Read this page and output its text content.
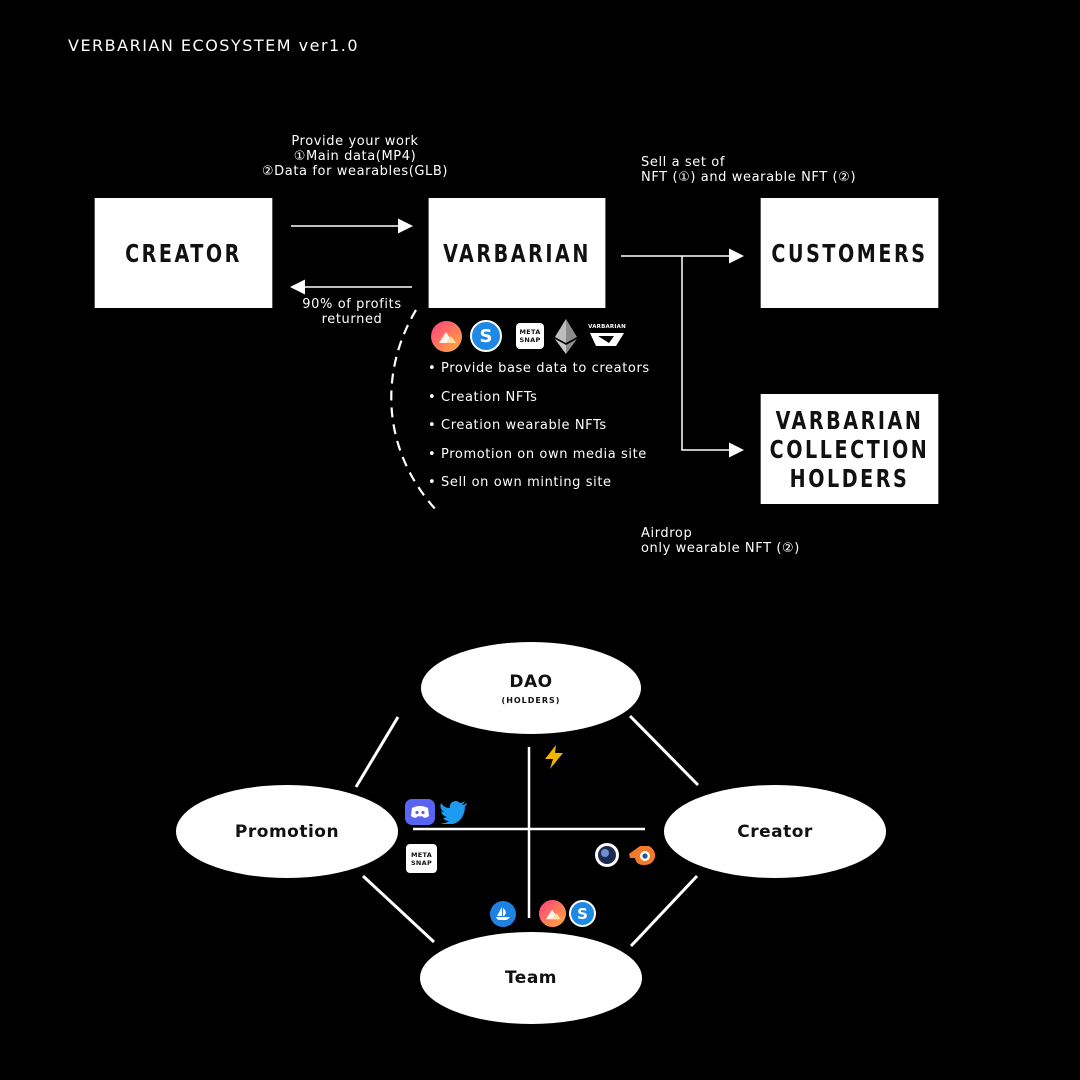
VERBARIAN ECOSYSTEM ver1.0
CREATOR	VARBARIAN	CUSTOMERS
VARBARIAN
COLLECTION
HOLDERS
Provide your work
①Main data(MP4)
②Data for wearables(GLB)
90% of profits
returned
Sell a set of
NFT (①) and wearable NFT (②)
Airdrop
only wearable NFT (②)
S	META
SNAP
VARBARIAN
• Provide base data to creators
• Creation NFTs
• Creation wearable NFTs
• Promotion on own media site
• Sell on own minting site
DAO
(HOLDERS)
Promotion	Creator
Team
META
SNAP
S
